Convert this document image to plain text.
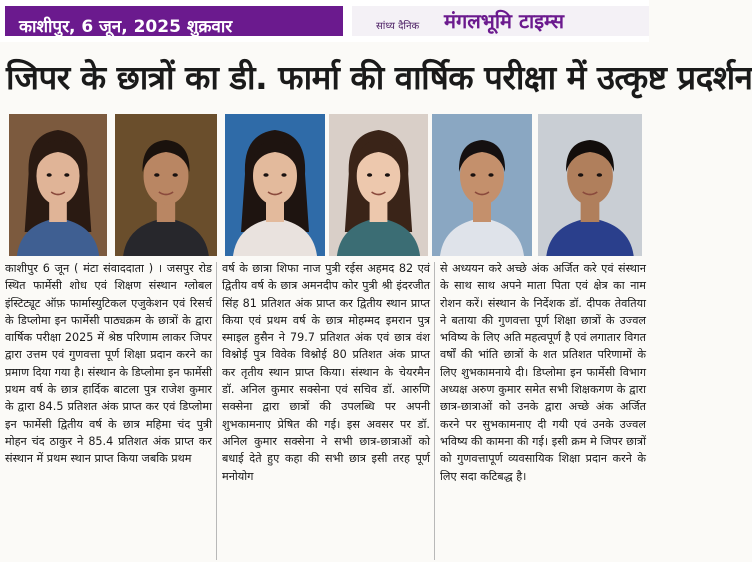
काशीपुर, 6 जून, 2025 शुक्रवार	सांध्य दैनिक मंगलभूमि टाइम्स
जिपर के छात्रों का डी. फार्मा की वार्षिक परीक्षा में उत्कृष्ट प्रदर्शन
काशीपुर 6 जून ( मंटा संवाददाता ) । जसपुर रोड स्थित फार्मेसी शोध एवं शिक्षण संस्थान ग्लोबल इंस्टिट्यूट ऑफ़ फार्मास्युटिकल एजुकेशन एवं रिसर्च के डिप्लोमा इन फार्मेसी पाठ्यक्रम के छात्रों के द्वारा वार्षिक परीक्षा 2025 में श्रेष्ठ परिणाम लाकर जिपर द्वारा उत्तम एवं गुणवत्ता पूर्ण शिक्षा प्रदान करने का प्रमाण दिया गया है। संस्थान के डिप्लोमा इन फार्मेसी प्रथम वर्ष के छात्र हार्दिक बाटला पुत्र राजेश कुमार के द्वारा 84.5 प्रतिशत अंक प्राप्त कर एवं डिप्लोमा इन फार्मेसी द्वितीय वर्ष के छात्र महिमा चंद पुत्री मोहन चंद ठाकुर ने 85.4 प्रतिशत अंक प्राप्त कर संस्थान में प्रथम स्थान प्राप्त किया जबकि प्रथम
वर्ष के छात्रा शिफा नाज पुत्री रईस अहमद 82 एवं द्वितीय वर्ष के छात्र अमनदीप कोर पुत्री श्री इंदरजीत सिंह 81 प्रतिशत अंक प्राप्त कर द्वितीय स्थान प्राप्त किया एवं प्रथम वर्ष के छात्र मोहम्मद इमरान पुत्र स्माइल हुसैन ने 79.7 प्रतिशत अंक एवं छात्र वंश विश्नोई पुत्र विवेक विश्नोई 80 प्रतिशत अंक प्राप्त कर तृतीय स्थान प्राप्त किया। संस्थान के चेयरमैन डॉ. अनिल कुमार सक्सेना एवं सचिव डॉ. आरुणि सक्सेना द्वारा छात्रों की उपलब्धि पर अपनी शुभकामनाए प्रेषित की गई। इस अवसर पर डॉ. अनिल कुमार सक्सेना ने सभी छात्र-छात्राओं को बधाई देते हुए कहा की सभी छात्र इसी तरह पूर्ण मनोयोग
से अध्ययन करे अच्छे अंक अर्जित करे एवं संस्थान के साथ साथ अपने माता पिता एवं क्षेत्र का नाम रोशन करें। संस्थान के निर्देशक डॉ. दीपक तेवतिया ने बताया की गुणवत्ता पूर्ण शिक्षा छात्रों के उज्वल भविष्य के लिए अति महत्वपूर्ण है एवं लगातार विगत वर्षों की भांति छात्रों के शत प्रतिशत परिणामों के लिए शुभकामनाये दी। डिप्लोमा इन फार्मेसी विभाग अध्यक्ष अरुण कुमार समेत सभी शिक्षकगण के द्वारा छात्र-छात्राओं को उनके द्वारा अच्छे अंक अर्जित करने पर सुभकामनाए दी गयी एवं उनके उज्वल भविष्य की कामना की गई। इसी क्रम मे जिपर छात्रों को गुणवत्तापूर्ण व्यवसायिक शिक्षा प्रदान करने के लिए सदा कटिबद्ध है।
